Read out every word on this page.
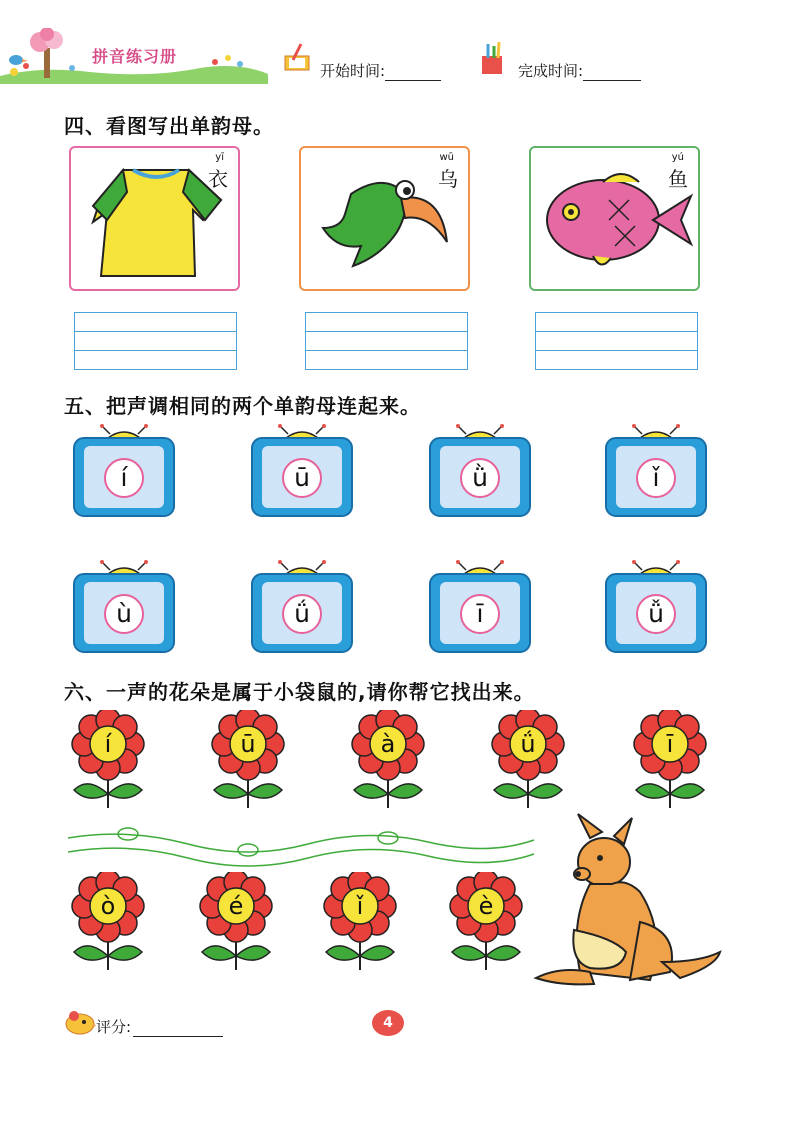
拼音练习册
开始时间:	完成时间:
四、看图写出单韵母。
yī
衣
wū
乌
yú
鱼
五、把声调相同的两个单韵母连起来。
í	ū	ǜ	ǐ
ù	ǘ	ī	ǚ
六、一声的花朵是属于小袋鼠的,请你帮它找出来。
í	ū	à	ǘ	ī
ò	é	ǐ	è
评分:	4
